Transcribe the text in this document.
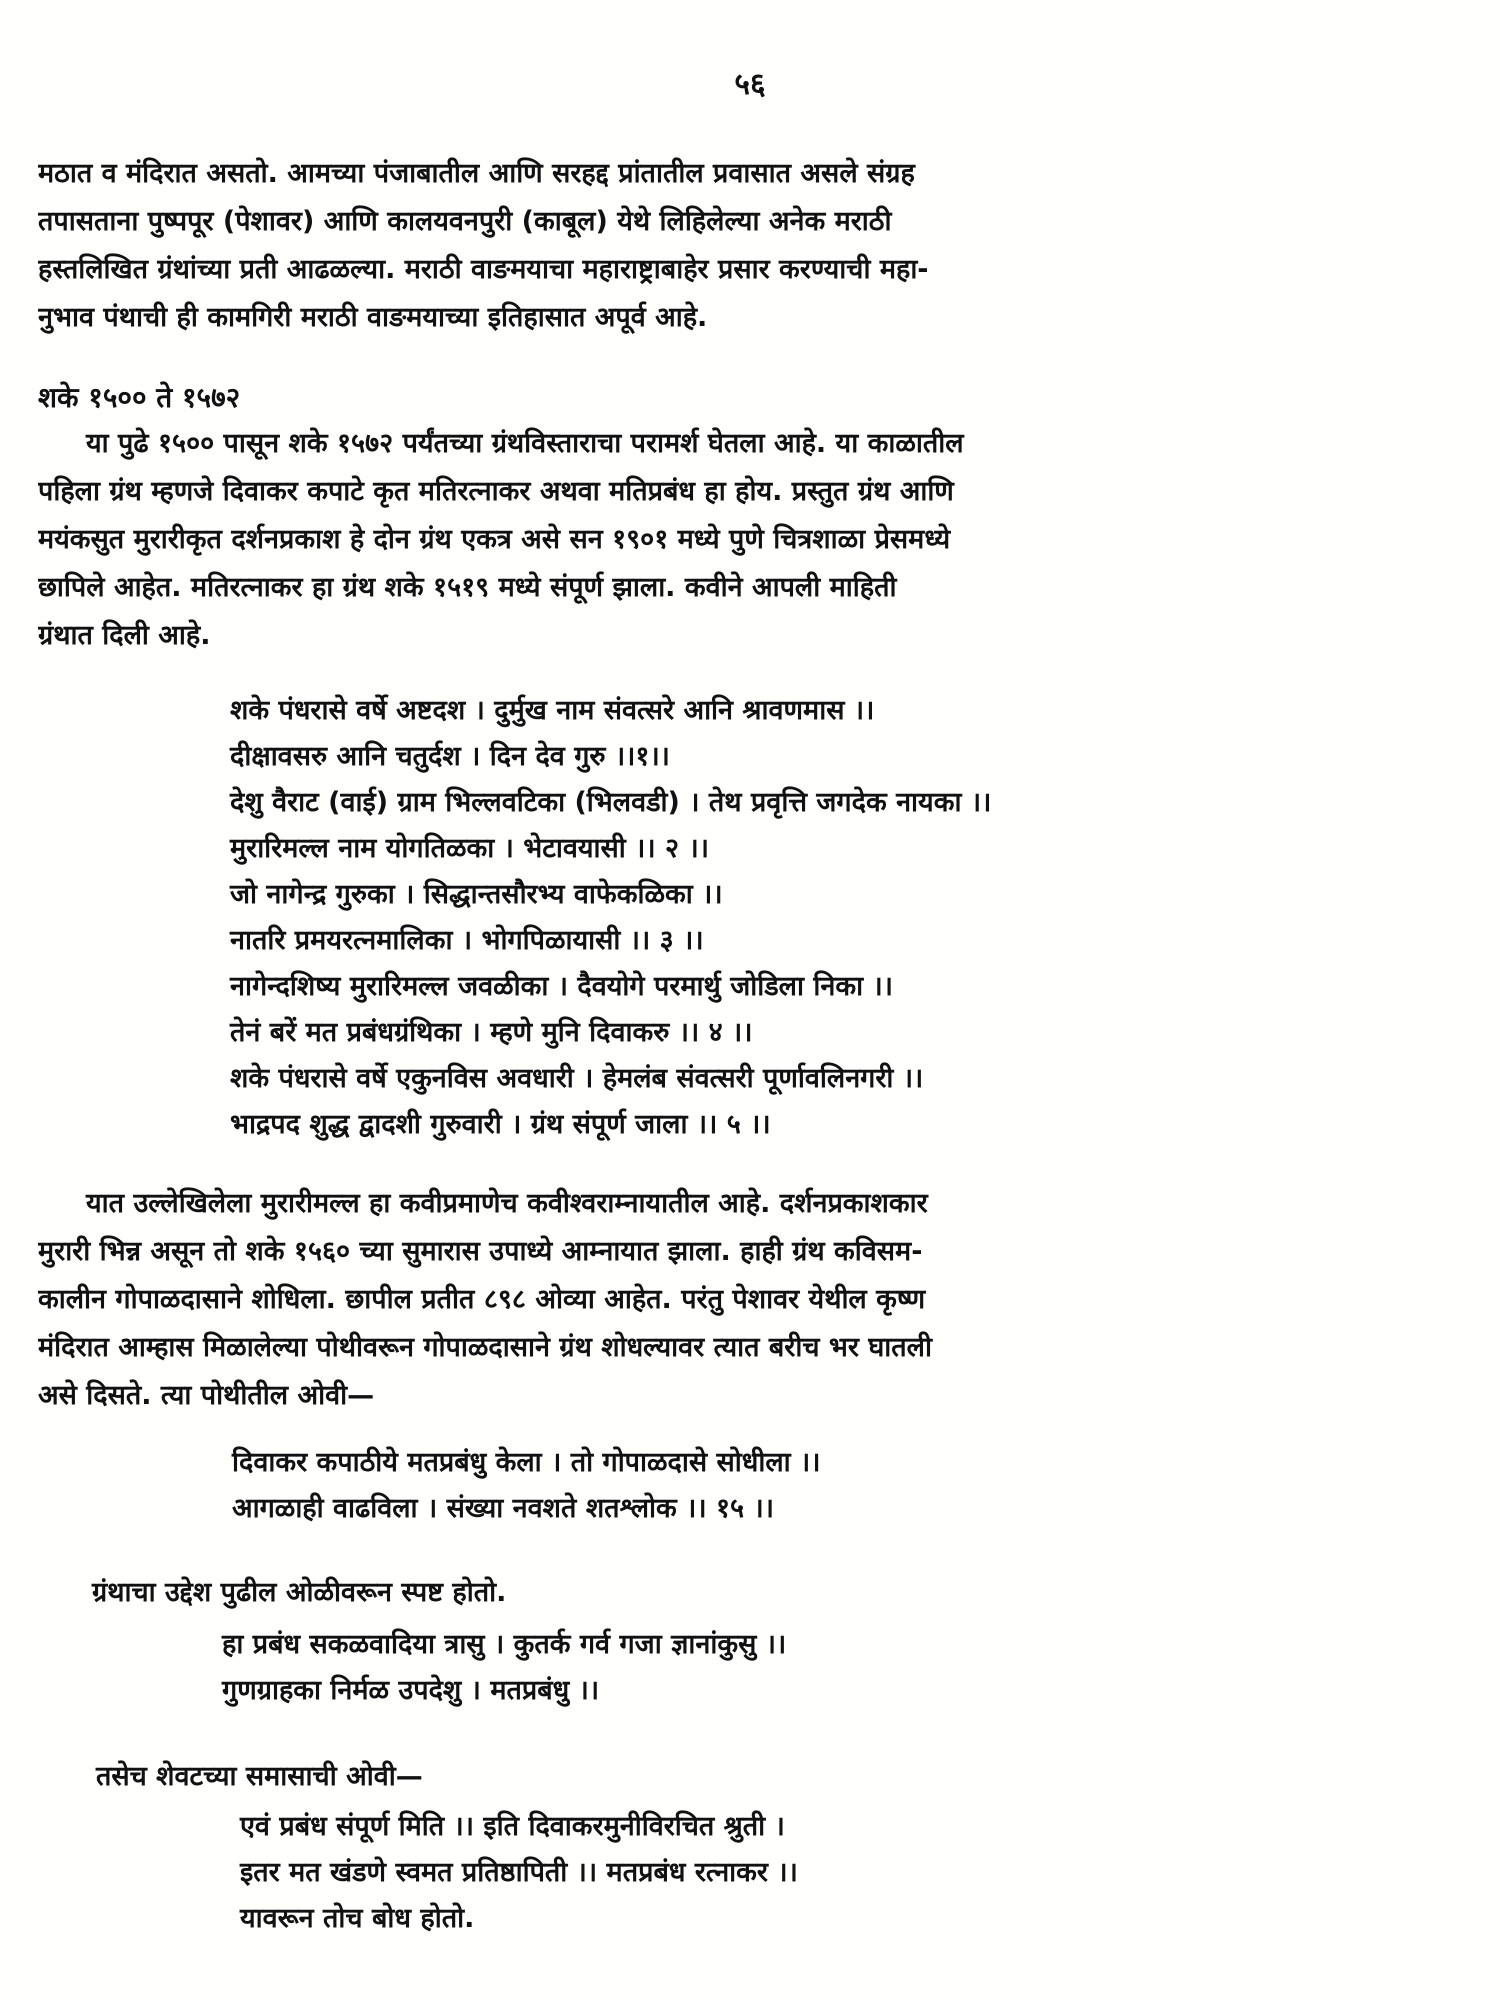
५६
मठात व मंदिरात असतो. आमच्या पंजाबातील आणि सरहद्द प्रांतातील प्रवासात असले संग्रह
तपासताना पुष्पपूर (पेशावर) आणि कालयवनपुरी (काबूल) येथे लिहिलेल्या अनेक मराठी
हस्तलिखित ग्रंथांच्या प्रती आढळल्या. मराठी वाङमयाचा महाराष्ट्राबाहेर प्रसार करण्याची महा-
नुभाव पंथाची ही कामगिरी मराठी वाङमयाच्या इतिहासात अपूर्व आहे.
शके १५०० ते १५७२
या पुढे १५०० पासून शके १५७२ पर्यंतच्या ग्रंथविस्ताराचा परामर्श घेतला आहे. या काळातील
पहिला ग्रंथ म्हणजे दिवाकर कपाटे कृत मतिरत्नाकर अथवा मतिप्रबंध हा होय. प्रस्तुत ग्रंथ आणि
मयंकसुत मुरारीकृत दर्शनप्रकाश हे दोन ग्रंथ एकत्र असे सन १९०१ मध्ये पुणे चित्रशाळा प्रेसमध्ये
छापिले आहेत. मतिरत्नाकर हा ग्रंथ शके १५१९ मध्ये संपूर्ण झाला. कवीने आपली माहिती
ग्रंथात दिली आहे.
शके पंधरासे वर्षे अष्टदश । दुर्मुख नाम संवत्सरे आनि श्रावणमास ।।
दीक्षावसरु आनि चतुर्दश । दिन देव गुरु ।।१।।
देशु वैराट (वाई) ग्राम भिल्लवटिका (भिलवडी) । तेथ प्रवृत्ति जगदेक नायका ।।
मुरारिमल्ल नाम योगतिळका । भेटावयासी ।। २ ।।
जो नागेन्द्र गुरुका । सिद्धान्तसौरभ्य वाफेकळिका ।।
नातरि प्रमयरत्नमालिका । भोगपिळायासी ।। ३ ।।
नागेन्दशिष्य मुरारिमल्ल जवळीका । दैवयोगे परमार्थु जोडिला निका ।।
तेनं बरें मत प्रबंधग्रंथिका । म्हणे मुनि दिवाकरु ।। ४ ।।
शके पंधरासे वर्षे एकुनविस अवधारी । हेमलंब संवत्सरी पूर्णावलिनगरी ।।
भाद्रपद शुद्ध द्वादशी गुरुवारी । ग्रंथ संपूर्ण जाला ।। ५ ।।
यात उल्लेखिलेला मुरारीमल्ल हा कवीप्रमाणेच कवीश्वराम्नायातील आहे. दर्शनप्रकाशकार
मुरारी भिन्न असून तो शके १५६० च्या सुमारास उपाध्ये आम्नायात झाला. हाही ग्रंथ कविसम-
कालीन गोपाळदासाने शोधिला. छापील प्रतीत ८९८ ओव्या आहेत. परंतु पेशावर येथील कृष्ण
मंदिरात आम्हास मिळालेल्या पोथीवरून गोपाळदासाने ग्रंथ शोधल्यावर त्यात बरीच भर घातली
असे दिसते. त्या पोथीतील ओवी—
दिवाकर कपाठीये मतप्रबंधु केला । तो गोपाळदासे सोधीला ।।
आगळाही वाढविला । संख्या नवशते शतश्लोक ।। १५ ।।
ग्रंथाचा उद्देश पुढील ओळीवरून स्पष्ट होतो.
हा प्रबंध सकळवादिया त्रासु । कुतर्क गर्व गजा ज्ञानांकुसु ।।
गुणग्राहका निर्मळ उपदेशु । मतप्रबंधु ।।
तसेच शेवटच्या समासाची ओवी—
एवं प्रबंध संपूर्ण मिति ।। इति दिवाकरमुनीविरचित श्रुती ।
इतर मत खंडणे स्वमत प्रतिष्ठापिती ।। मतप्रबंध रत्नाकर ।।
यावरून तोच बोध होतो.
